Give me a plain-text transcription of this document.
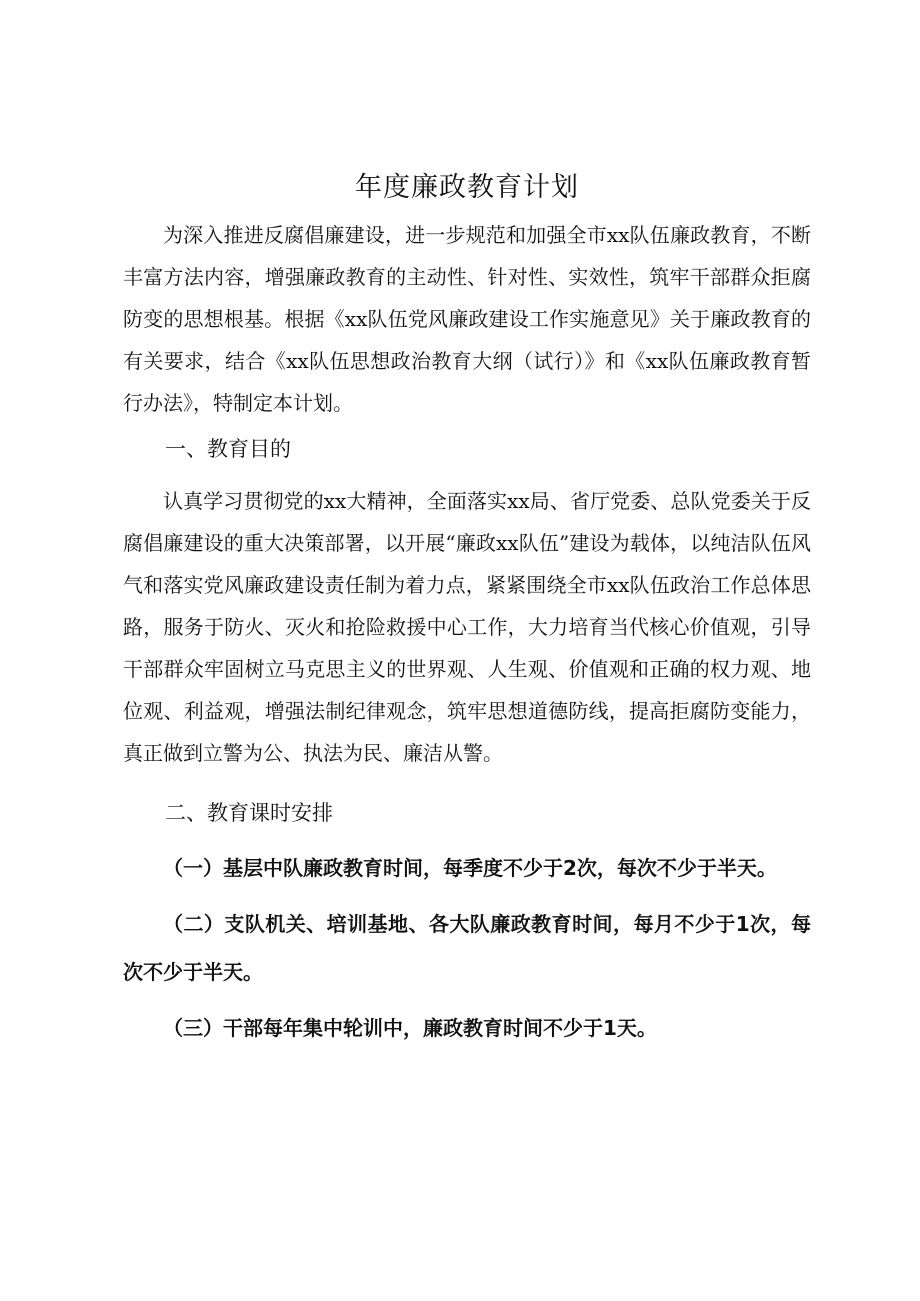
年度廉政教育计划

为深入推进反腐倡廉建设，进一步规范和加强全市xx队伍廉政教育，不断丰富方法内容，增强廉政教育的主动性、针对性、实效性，筑牢干部群众拒腐防变的思想根基。根据《xx队伍党风廉政建设工作实施意见》关于廉政教育的有关要求，结合《xx队伍思想政治教育大纲（试行）》和《xx队伍廉政教育暂行办法》，特制定本计划。

一、教育目的

认真学习贯彻党的xx大精神，全面落实xx局、省厅党委、总队党委关于反腐倡廉建设的重大决策部署，以开展“廉政xx队伍”建设为载体，以纯洁队伍风气和落实党风廉政建设责任制为着力点，紧紧围绕全市xx队伍政治工作总体思路，服务于防火、灭火和抢险救援中心工作，大力培育当代核心价值观，引导干部群众牢固树立马克思主义的世界观、人生观、价值观和正确的权力观、地位观、利益观，增强法制纪律观念，筑牢思想道德防线，提高拒腐防变能力，真正做到立警为公、执法为民、廉洁从警。

二、教育课时安排

（一）基层中队廉政教育时间，每季度不少于2次，每次不少于半天。

（二）支队机关、培训基地、各大队廉政教育时间，每月不少于1次，每次不少于半天。

（三）干部每年集中轮训中，廉政教育时间不少于1天。
